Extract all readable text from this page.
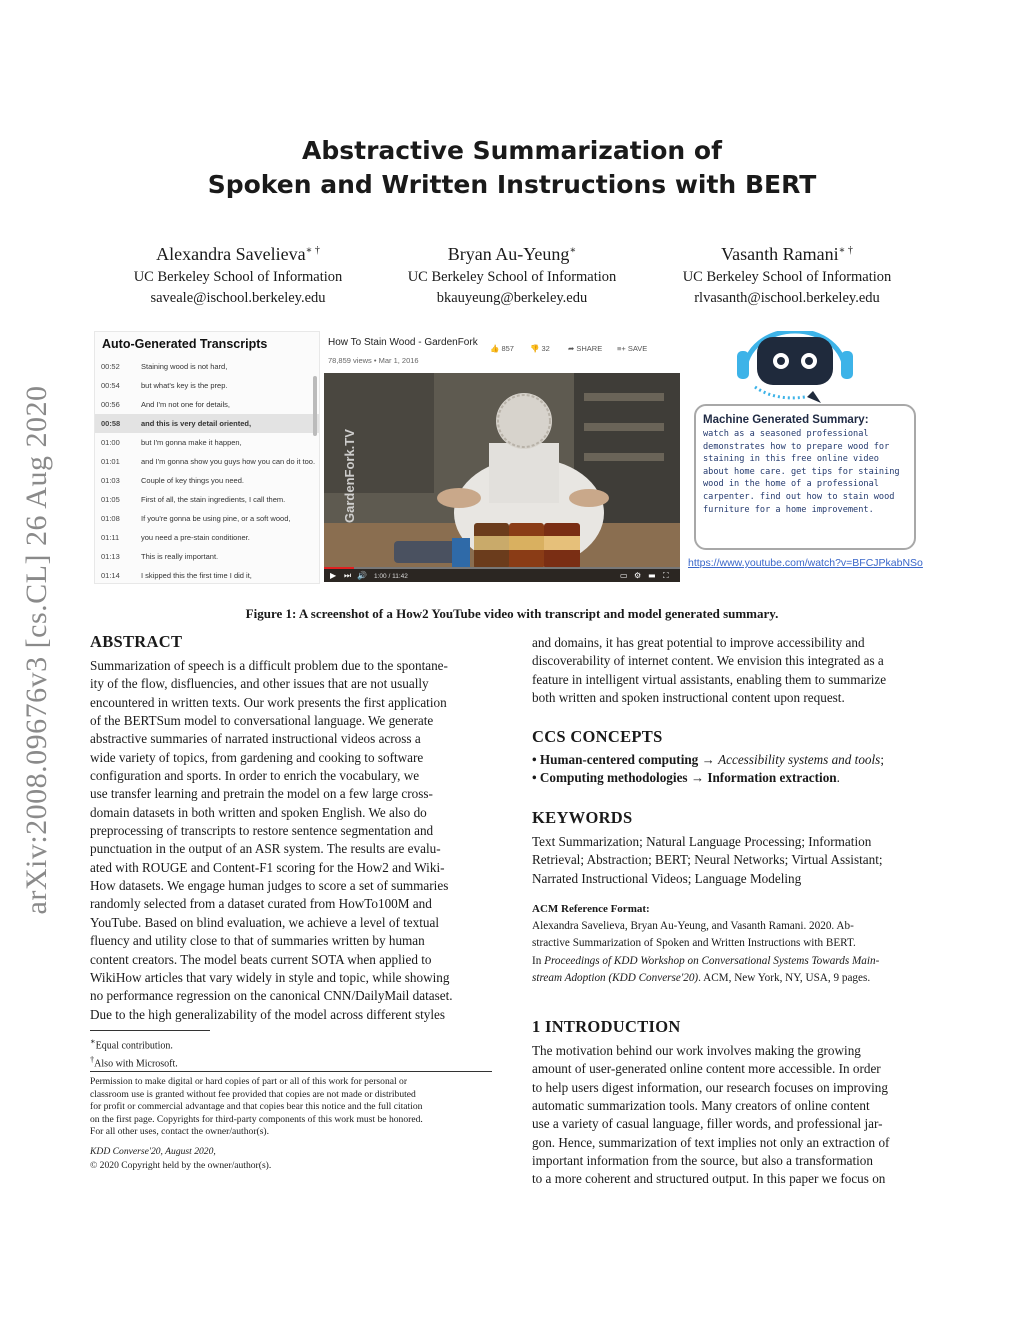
arXiv:2008.09676v3 [cs.CL] 26 Aug 2020
Abstractive Summarization of
Spoken and Written Instructions with BERT
Alexandra Savelieva∗ †
UC Berkeley School of Information
saveale@ischool.berkeley.edu
Bryan Au-Yeung∗
UC Berkeley School of Information
bkauyeung@berkeley.edu
Vasanth Ramani∗ †
UC Berkeley School of Information
rlvasanth@ischool.berkeley.edu
Auto-Generated Transcripts
00:52	Staining wood is not hard,
00:54	but what's key is the prep.
00:56	And I'm not one for details,
00:58	and this is very detail oriented,
01:00	but I'm gonna make it happen,
01:01	and I'm gonna show you guys how you can do it too.
01:03	Couple of key things you need.
01:05	First of all, the stain ingredients, I call them.
01:08	If you're gonna be using pine, or a soft wood,
01:11	you need a pre-stain conditioner.
01:13	This is really important.
01:14	I skipped this the first time I did it,
How To Stain Wood - GardenFork
78,859 views • Mar 1, 2016
👍 857 👎 32 ➦ SHARE ≡+ SAVE
GardenFork.TV
1:00 / 11:42
▶ ⏭ 🔊	▭ ⚙ ▬ ⛶
Machine Generated Summary:
watch as a seasoned professional demonstrates how to prepare wood for staining in this free online video about home care. get tips for staining wood in the home of a professional carpenter. find out how to stain wood furniture for a home improvement.
https://www.youtube.com/watch?v=BFCJPkabNSo
Figure 1: A screenshot of a How2 YouTube video with transcript and model generated summary.
ABSTRACT
Summarization of speech is a difficult problem due to the spontane-
ity of the flow, disfluencies, and other issues that are not usually
encountered in written texts. Our work presents the first application
of the BERTSum model to conversational language. We generate
abstractive summaries of narrated instructional videos across a
wide variety of topics, from gardening and cooking to software
configuration and sports. In order to enrich the vocabulary, we
use transfer learning and pretrain the model on a few large cross-
domain datasets in both written and spoken English. We also do
preprocessing of transcripts to restore sentence segmentation and
punctuation in the output of an ASR system. The results are evalu-
ated with ROUGE and Content-F1 scoring for the How2 and Wiki-
How datasets. We engage human judges to score a set of summaries
randomly selected from a dataset curated from HowTo100M and
YouTube. Based on blind evaluation, we achieve a level of textual
fluency and utility close to that of summaries written by human
content creators. The model beats current SOTA when applied to
WikiHow articles that vary widely in style and topic, while showing
no performance regression on the canonical CNN/DailyMail dataset.
Due to the high generalizability of the model across different styles
∗Equal contribution.
†Also with Microsoft.
Permission to make digital or hard copies of part or all of this work for personal or
classroom use is granted without fee provided that copies are not made or distributed
for profit or commercial advantage and that copies bear this notice and the full citation
on the first page. Copyrights for third-party components of this work must be honored.
For all other uses, contact the owner/author(s).
KDD Converse'20, August 2020,
© 2020 Copyright held by the owner/author(s).
and domains, it has great potential to improve accessibility and
discoverability of internet content. We envision this integrated as a
feature in intelligent virtual assistants, enabling them to summarize
both written and spoken instructional content upon request.
CCS CONCEPTS
• Human-centered computing → Accessibility systems and tools;
• Computing methodologies → Information extraction.
KEYWORDS
Text Summarization; Natural Language Processing; Information
Retrieval; Abstraction; BERT; Neural Networks; Virtual Assistant;
Narrated Instructional Videos; Language Modeling
ACM Reference Format:
Alexandra Savelieva, Bryan Au-Yeung, and Vasanth Ramani. 2020. Ab-
stractive Summarization of Spoken and Written Instructions with BERT.
In Proceedings of KDD Workshop on Conversational Systems Towards Main-
stream Adoption (KDD Converse'20). ACM, New York, NY, USA, 9 pages.
1 INTRODUCTION
The motivation behind our work involves making the growing
amount of user-generated online content more accessible. In order
to help users digest information, our research focuses on improving
automatic summarization tools. Many creators of online content
use a variety of casual language, filler words, and professional jar-
gon. Hence, summarization of text implies not only an extraction of
important information from the source, but also a transformation
to a more coherent and structured output. In this paper we focus on
